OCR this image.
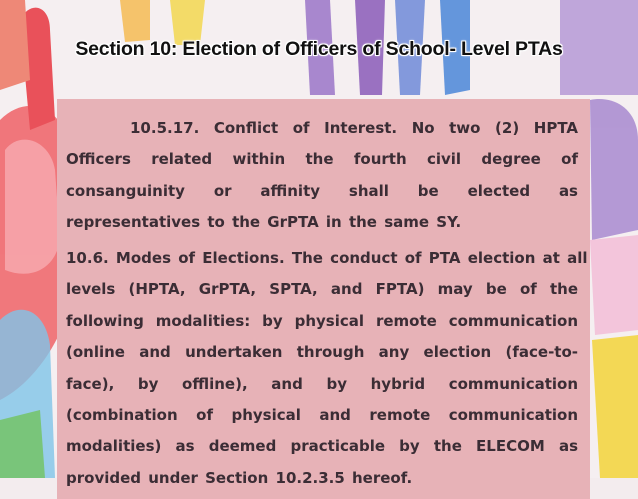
Section 10: Election of Officers of School- Level PTAs

10.5.17. Conflict of Interest. No two (2) HPTA
Officers related within the fourth civil degree of
consanguinity or affinity shall be elected as
representatives to the GrPTA in the same SY.

10.6. Modes of Elections. The conduct of PTA election at all
levels (HPTA, GrPTA, SPTA, and FPTA) may be of the
following modalities: by physical remote communication
(online and undertaken through any election (face-to-
face), by offline), and by hybrid communication
(combination of physical and remote communication
modalities) as deemed practicable by the ELECOM as
provided under Section 10.2.3.5 hereof.
